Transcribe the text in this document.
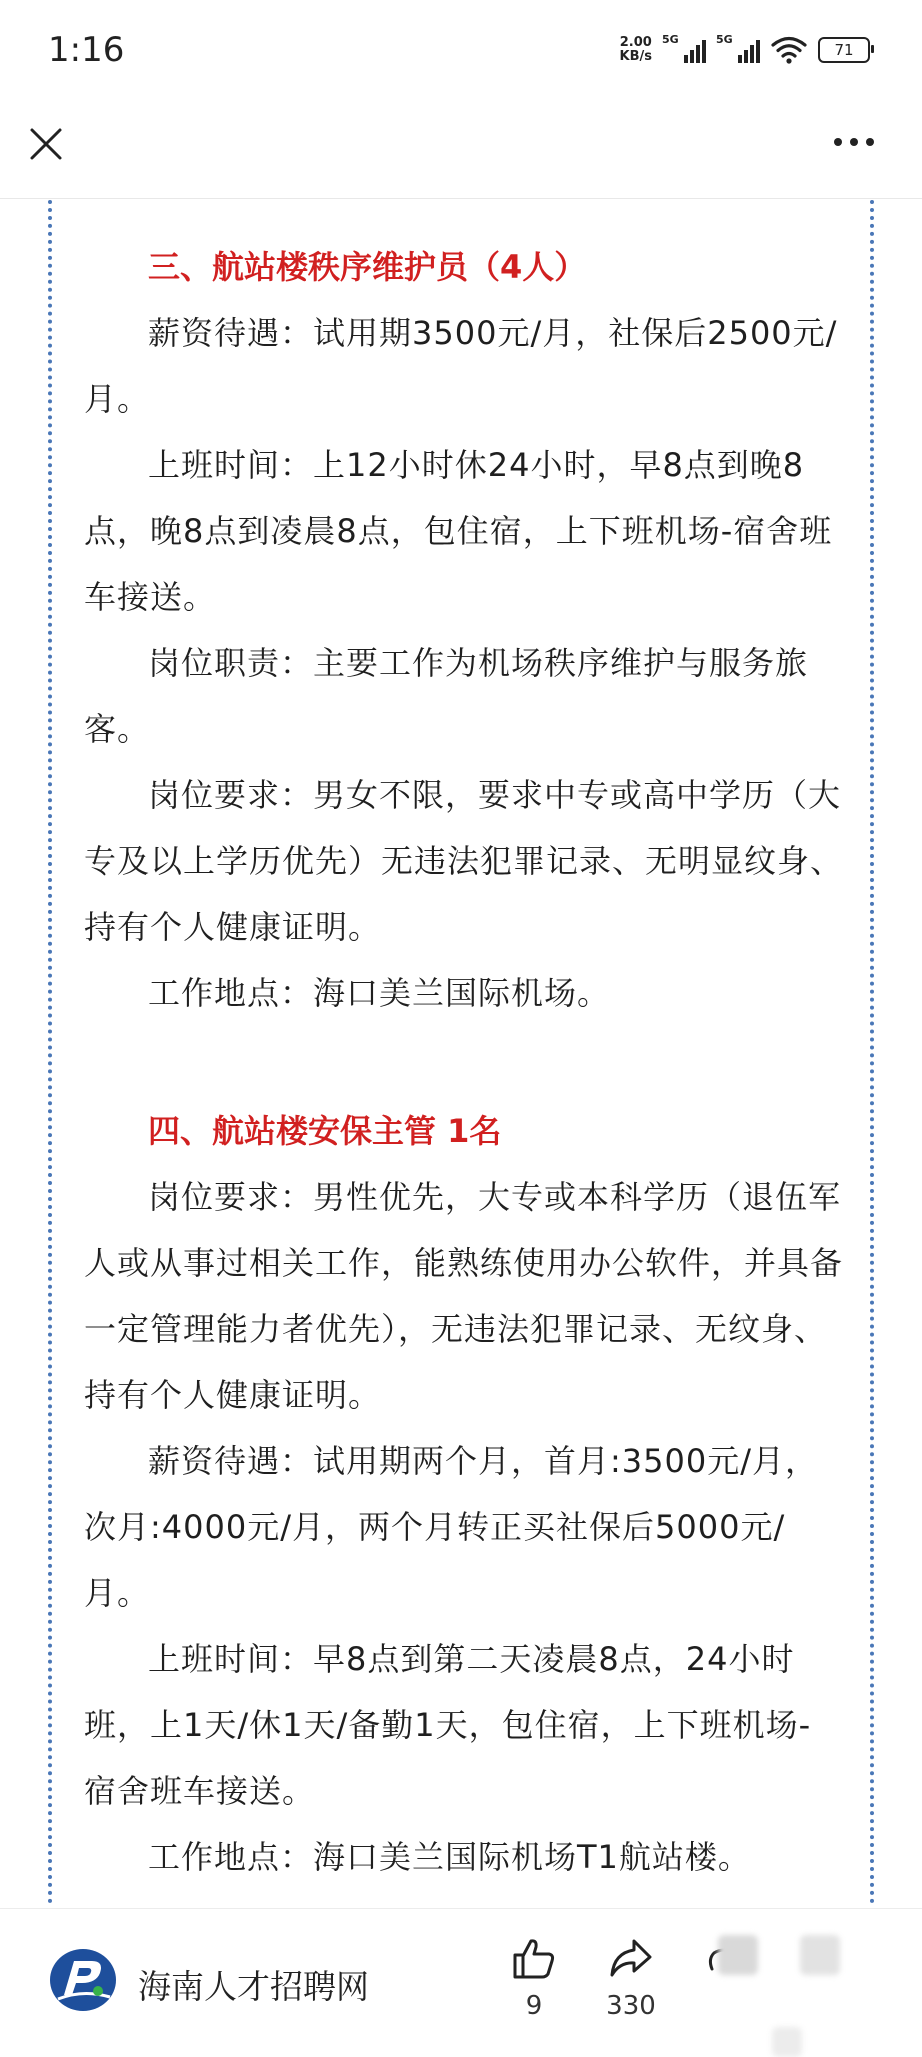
1:16	2.00
KB/s
5G	5G
71

三、航站楼秩序维护员（4人）

薪资待遇：试用期3500元/月，社保后2500元/月。

上班时间：上12小时休24小时，早8点到晚8点，晚8点到凌晨8点，包住宿，上下班机场-宿舍班车接送。

岗位职责：主要工作为机场秩序维护与服务旅客。

岗位要求：男女不限，要求中专或高中学历（大专及以上学历优先）无违法犯罪记录、无明显纹身、持有个人健康证明。

工作地点：海口美兰国际机场。

四、航站楼安保主管 1名

岗位要求：男性优先，大专或本科学历（退伍军人或从事过相关工作，能熟练使用办公软件，并具备一定管理能力者优先），无违法犯罪记录、无纹身、持有个人健康证明。

薪资待遇：试用期两个月，首月:3500元/月，次月:4000元/月，两个月转正买社保后5000元/月。

上班时间：早8点到第二天凌晨8点，24小时班，上1天/休1天/备勤1天，包住宿，上下班机场-宿舍班车接送。

工作地点：海口美兰国际机场T1航站楼。

海南人才招聘网	9	330
